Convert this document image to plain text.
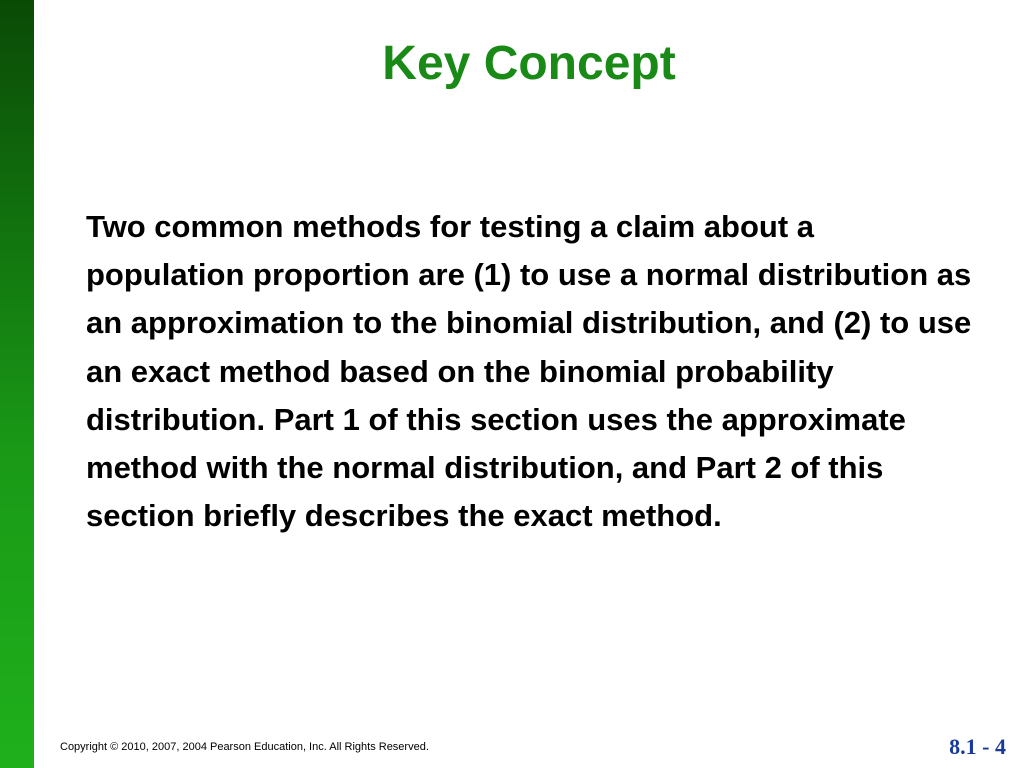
Key Concept

Two common methods for testing a claim about a population proportion are (1) to use a normal distribution as an approximation to the binomial distribution, and (2) to use an exact method based on the binomial probability distribution. Part 1 of this section uses the approximate method with the normal distribution, and Part 2 of this section briefly describes the exact method.

Copyright © 2010, 2007, 2004 Pearson Education, Inc. All Rights Reserved.	8.1 - 4
